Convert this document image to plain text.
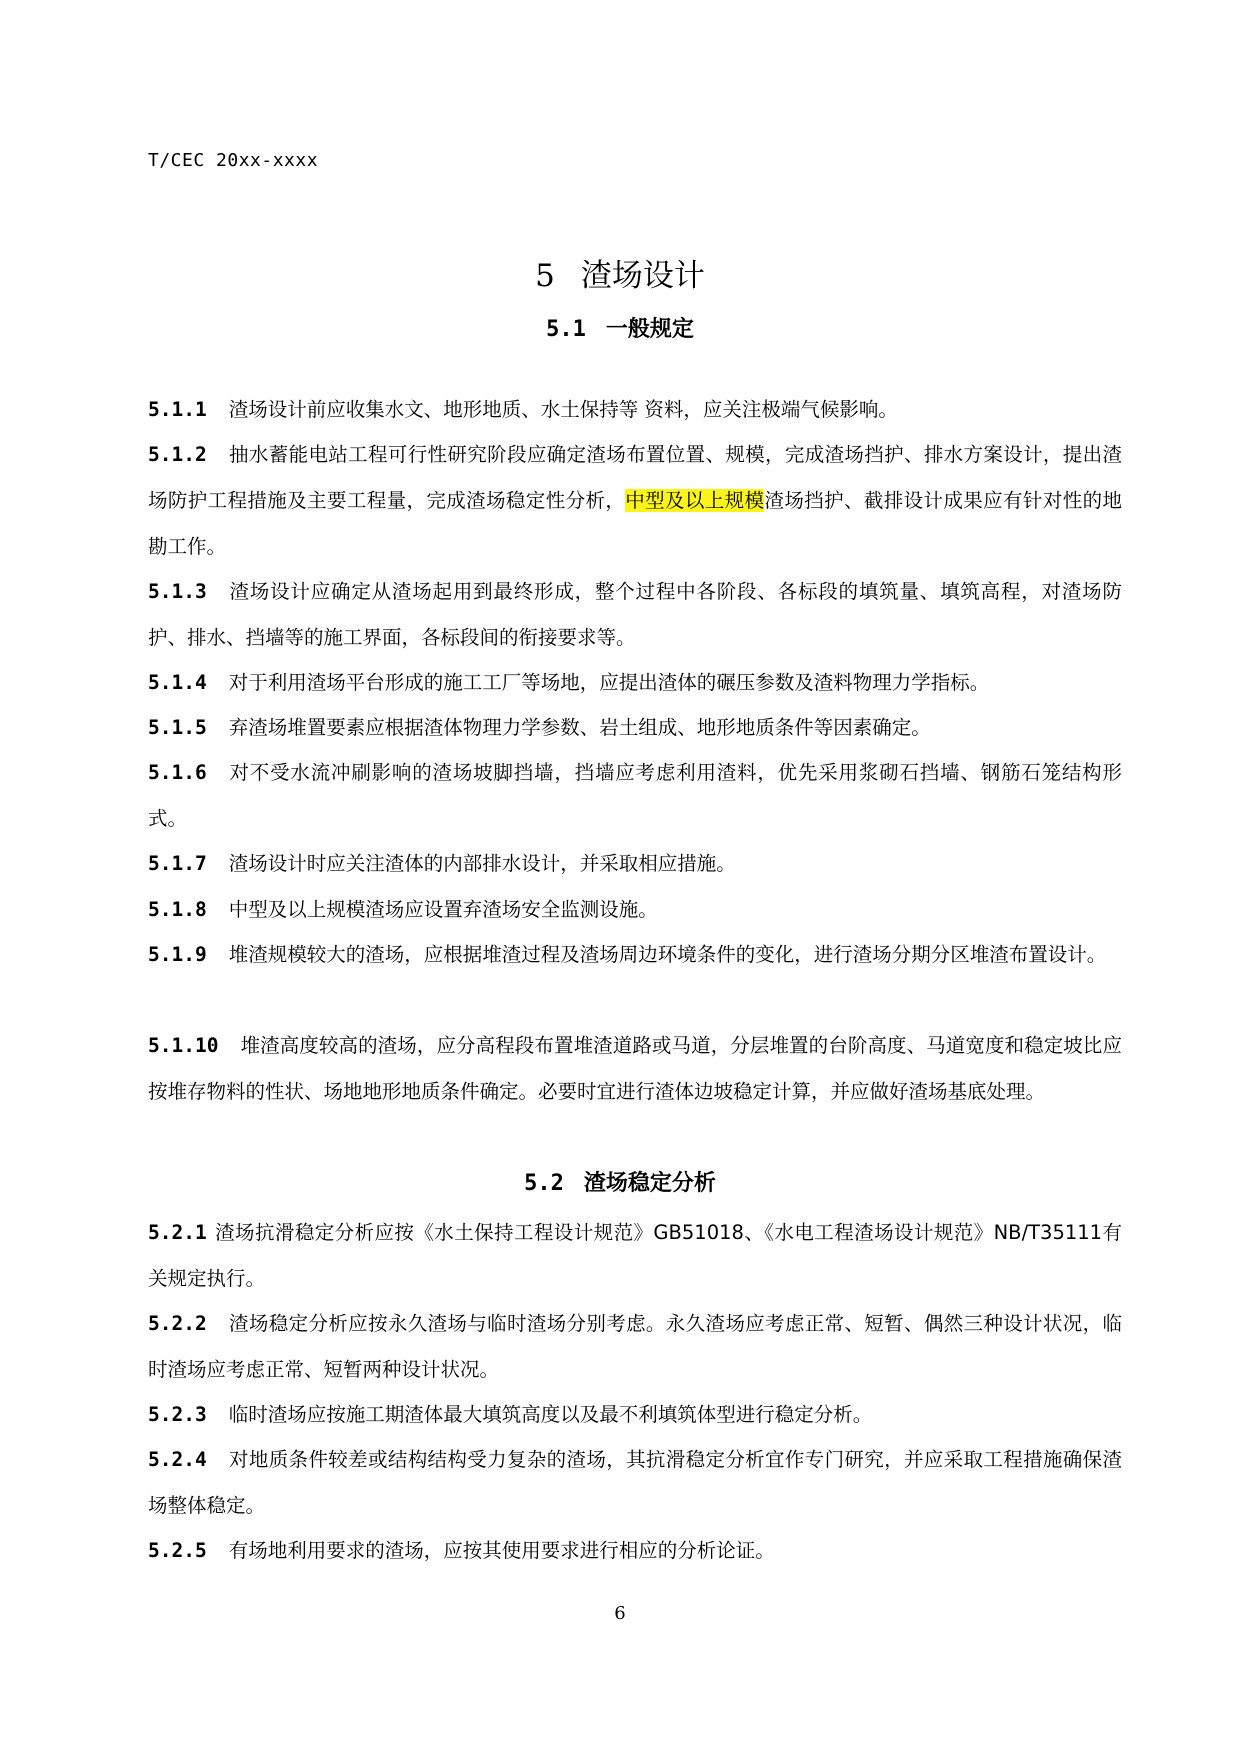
T/CEC 20xx-xxxx
5 渣场设计
5.1 一般规定
5.1.1 渣场设计前应收集水文、地形地质、水土保持等 资料，应关注极端气候影响。
5.1.2 抽水蓄能电站工程可行性研究阶段应确定渣场布置位置、规模，完成渣场挡护、排水方案设计，提出渣场防护工程措施及主要工程量，完成渣场稳定性分析，中型及以上规模渣场挡护、截排设计成果应有针对性的地勘工作。
5.1.3 渣场设计应确定从渣场起用到最终形成，整个过程中各阶段、各标段的填筑量、填筑高程，对渣场防护、排水、挡墙等的施工界面，各标段间的衔接要求等。
5.1.4 对于利用渣场平台形成的施工工厂等场地，应提出渣体的碾压参数及渣料物理力学指标。
5.1.5 弃渣场堆置要素应根据渣体物理力学参数、岩土组成、地形地质条件等因素确定。
5.1.6 对不受水流冲刷影响的渣场坡脚挡墙，挡墙应考虑利用渣料，优先采用浆砌石挡墙、钢筋石笼结构形式。
5.1.7 渣场设计时应关注渣体的内部排水设计，并采取相应措施。
5.1.8 中型及以上规模渣场应设置弃渣场安全监测设施。
5.1.9 堆渣规模较大的渣场，应根据堆渣过程及渣场周边环境条件的变化，进行渣场分期分区堆渣布置设计。
5.1.10 堆渣高度较高的渣场，应分高程段布置堆渣道路或马道，分层堆置的台阶高度、马道宽度和稳定坡比应按堆存物料的性状、场地地形地质条件确定。必要时宜进行渣体边坡稳定计算，并应做好渣场基底处理。
5.2 渣场稳定分析
5.2.1 渣场抗滑稳定分析应按《水土保持工程设计规范》GB51018、《水电工程渣场设计规范》NB/T35111有关规定执行。
5.2.2 渣场稳定分析应按永久渣场与临时渣场分别考虑。永久渣场应考虑正常、短暂、偶然三种设计状况，临时渣场应考虑正常、短暂两种设计状况。
5.2.3 临时渣场应按施工期渣体最大填筑高度以及最不利填筑体型进行稳定分析。
5.2.4 对地质条件较差或结构结构受力复杂的渣场，其抗滑稳定分析宜作专门研究，并应采取工程措施确保渣场整体稳定。
5.2.5 有场地利用要求的渣场，应按其使用要求进行相应的分析论证。
6
